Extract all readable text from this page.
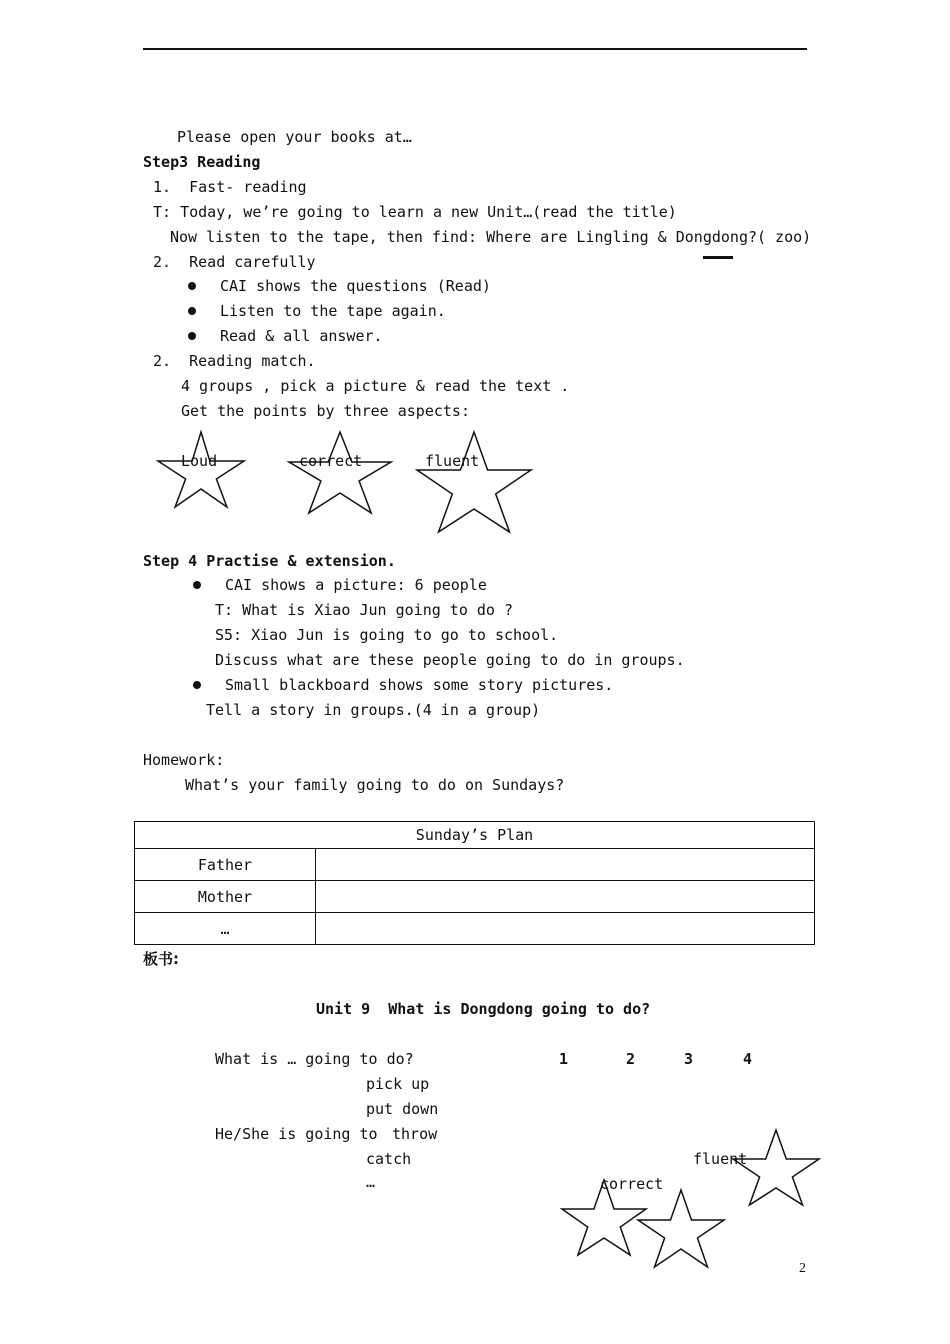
Please open your books at…
Step3 Reading
1.  Fast- reading
T: Today, we’re going to learn a new Unit…(read the title)
Now listen to the tape, then find: Where are Lingling & Dongdong?( zoo)
2.  Read carefully
CAI shows the questions (Read)
Listen to the tape again.
Read & all answer.
2.  Reading match.
4 groups , pick a picture & read the text .
Get the points by three aspects:
Loud	correct	fluent
Step 4 Practise & extension.
CAI shows a picture: 6 people
T: What is Xiao Jun going to do ?
S5: Xiao Jun is going to go to school.
Discuss what are these people going to do in groups.
Small blackboard shows some story pictures.
Tell a story in groups.(4 in a group)
Homework:
What’s your family going to do on Sundays?
Sunday’s Plan	
Father	
Mother	
…	
板书:
Unit 9  What is Dongdong going to do?
What is … going to do?	1	2	3	4
pick up
put down
He/She is going to throw
catch
…
fluent
correct
2
